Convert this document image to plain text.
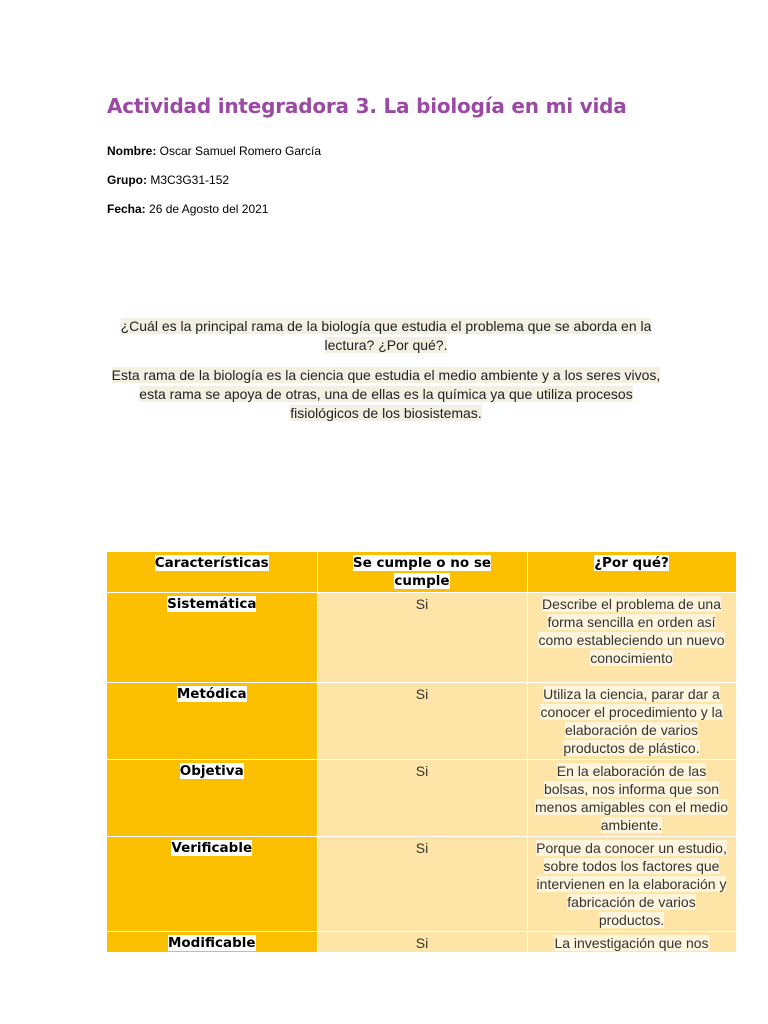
Actividad integradora 3. La biología en mi vida
Nombre: Oscar Samuel Romero García
Grupo: M3C3G31-152
Fecha: 26 de Agosto del 2021
¿Cuál es la principal rama de la biología que estudia el problema que se aborda en la lectura? ¿Por qué?.
Esta rama de la biología es la ciencia que estudia el medio ambiente y a los seres vivos, esta rama se apoya de otras, una de ellas es la química ya que utiliza procesos fisiológicos de los biosistemas.
Características	Se cumple o no se cumple	¿Por qué?
Sistemática	Si	Describe el problema de una forma sencilla en orden así como estableciendo un nuevo conocimiento
Metódica	Si	Utiliza la ciencia, parar dar a conocer el procedimiento y la elaboración de varios productos de plástico.
Objetiva	Si	En la elaboración de las bolsas, nos informa que son menos amigables con el medio ambiente.
Verificable	Si	Porque da conocer un estudio, sobre todos los factores que intervienen en la elaboración y fabricación de varios productos.
Modificable	Si	La investigación que nos
